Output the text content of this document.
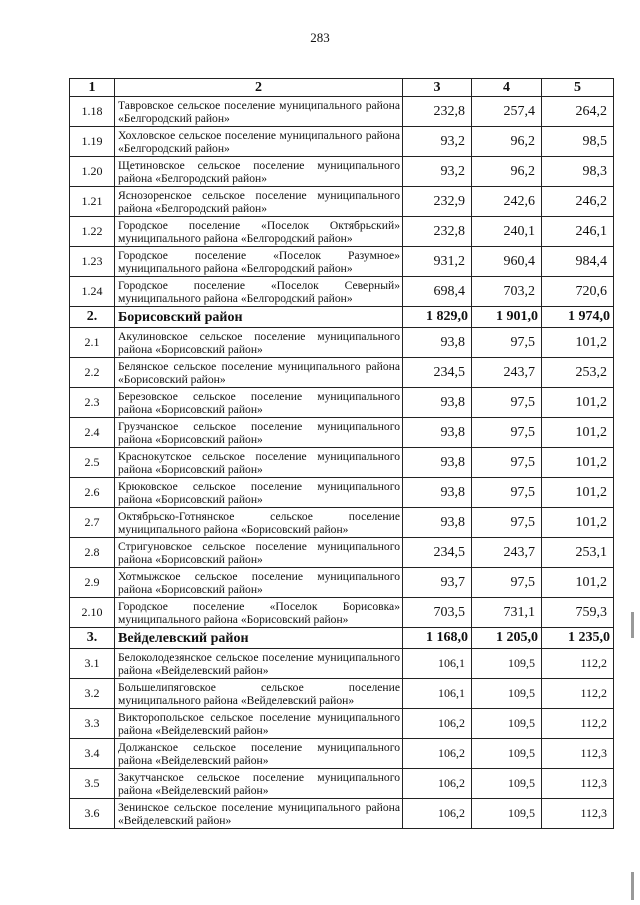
283
1	2	3	4	5
1.18	Тавровское сельское поселение муниципального района «Белгородский район»	232,8	257,4	264,2
1.19	Хохловское сельское поселение муниципального района «Белгородский район»	93,2	96,2	98,5
1.20	Щетиновское сельское поселение муниципального района «Белгородский район»	93,2	96,2	98,3
1.21	Яснозоренское сельское поселение муниципального района «Белгородский район»	232,9	242,6	246,2
1.22	Городское поселение «Поселок Октябрьский» муниципального района «Белгородский район»	232,8	240,1	246,1
1.23	Городское поселение «Поселок Разумное» муниципального района «Белгородский район»	931,2	960,4	984,4
1.24	Городское поселение «Поселок Северный» муниципального района «Белгородский район»	698,4	703,2	720,6
2.	Борисовский район	1 829,0	1 901,0	1 974,0
2.1	Акулиновское сельское поселение муниципального района «Борисовский район»	93,8	97,5	101,2
2.2	Белянское сельское поселение муниципального района «Борисовский район»	234,5	243,7	253,2
2.3	Березовское сельское поселение муниципального района «Борисовский район»	93,8	97,5	101,2
2.4	Грузчанское сельское поселение муниципального района «Борисовский район»	93,8	97,5	101,2
2.5	Краснокутское сельское поселение муниципального района «Борисовский район»	93,8	97,5	101,2
2.6	Крюковское сельское поселение муниципального района «Борисовский район»	93,8	97,5	101,2
2.7	Октябрьско-Готнянское сельское поселение муниципального района «Борисовский район»	93,8	97,5	101,2
2.8	Стригуновское сельское поселение муниципального района «Борисовский район»	234,5	243,7	253,1
2.9	Хотмыжское сельское поселение муниципального района «Борисовский район»	93,7	97,5	101,2
2.10	Городское поселение «Поселок Борисовка» муниципального района «Борисовский район»	703,5	731,1	759,3
3.	Вейделевский район	1 168,0	1 205,0	1 235,0
3.1	Белоколодезянское сельское поселение муниципального района «Вейделевский район»	106,1	109,5	112,2
3.2	Большелипяговское сельское поселение муниципального района «Вейделевский район»	106,1	109,5	112,2
3.3	Викторопольское сельское поселение муниципального района «Вейделевский район»	106,2	109,5	112,2
3.4	Должанское сельское поселение муниципального района «Вейделевский район»	106,2	109,5	112,3
3.5	Закутчанское сельское поселение муниципального района «Вейделевский район»	106,2	109,5	112,3
3.6	Зенинское сельское поселение муниципального района «Вейделевский район»	106,2	109,5	112,3
